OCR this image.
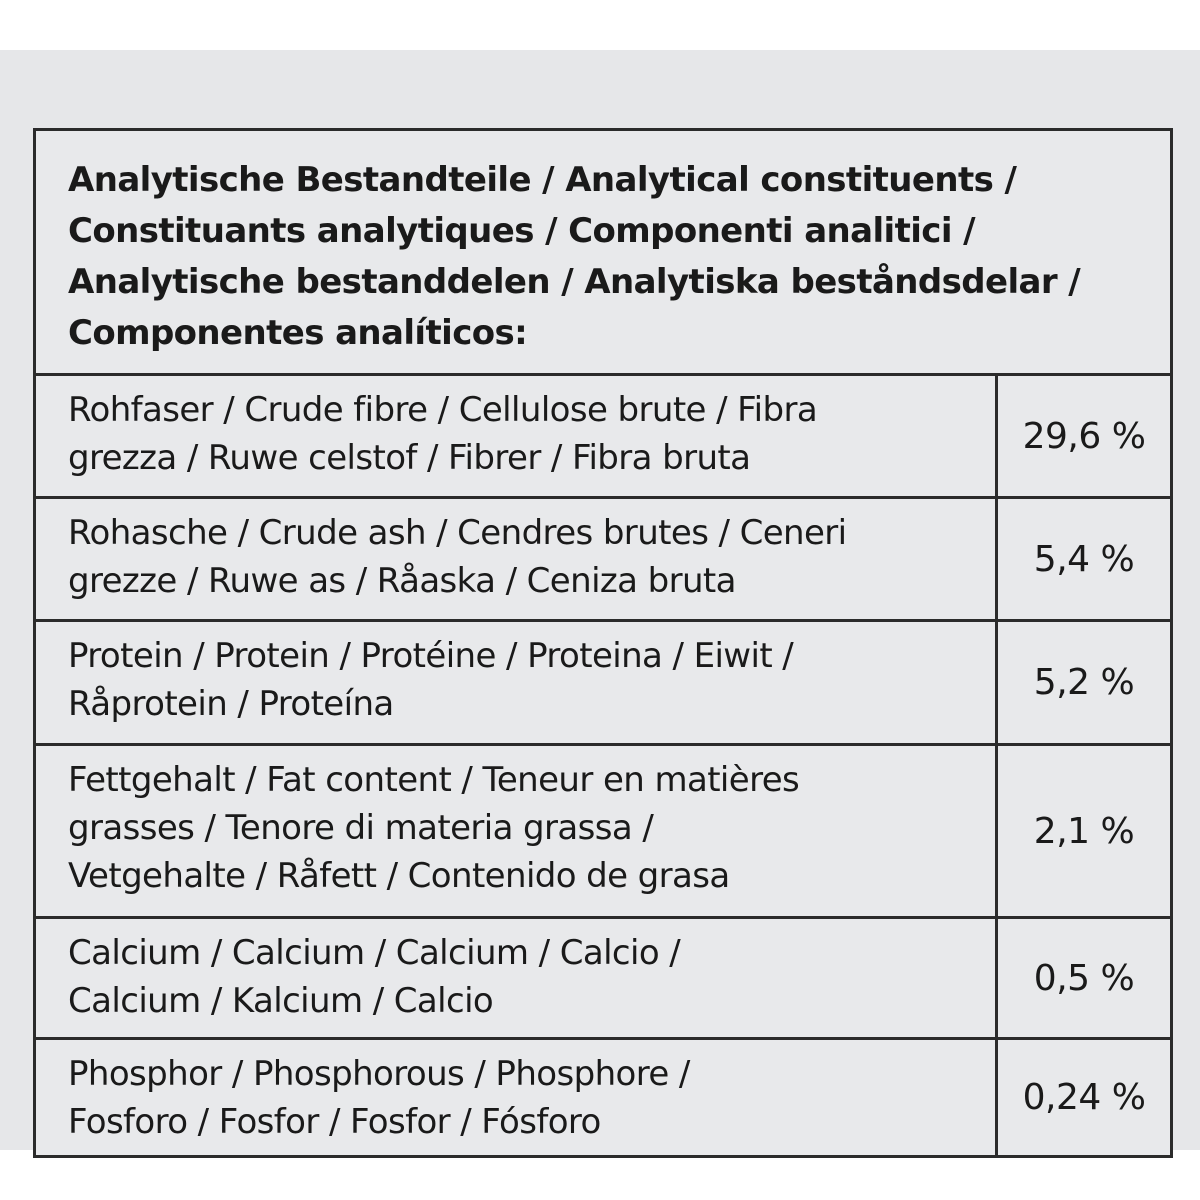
Analytische Bestandteile / Analytical constituents /
Constituants analytiques / Componenti analitici /
Analytische bestanddelen / Analytiska beståndsdelar /
Componentes analíticos:
Rohfaser / Crude fibre / Cellulose brute / Fibra
grezza / Ruwe celstof / Fibrer / Fibra bruta
29,6 %
Rohasche / Crude ash / Cendres brutes / Ceneri
grezze / Ruwe as / Råaska / Ceniza bruta
5,4 %
Protein / Protein / Protéine / Proteina / Eiwit /
Råprotein / Proteína
5,2 %
Fettgehalt / Fat content / Teneur en matières
grasses / Tenore di materia grassa /
Vetgehalte / Råfett / Contenido de grasa
2,1 %
Calcium / Calcium / Calcium / Calcio /
Calcium / Kalcium / Calcio
0,5 %
Phosphor / Phosphorous / Phosphore /
Fosforo / Fosfor / Fosfor / Fósforo
0,24 %
